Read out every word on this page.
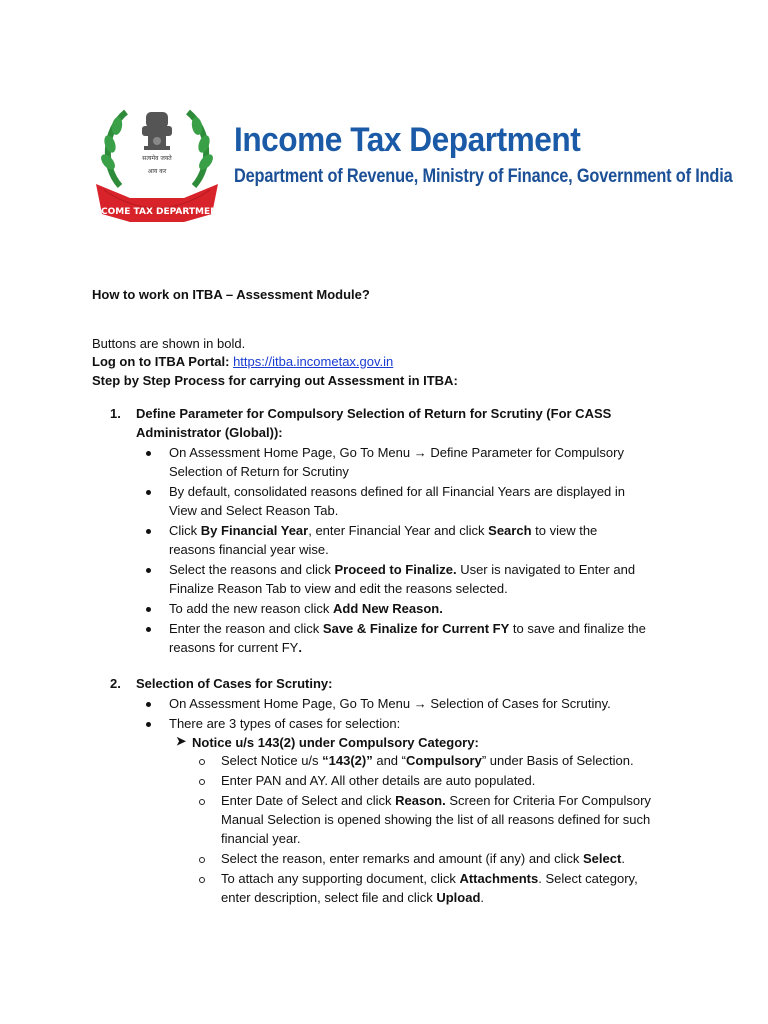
सत्यमेव जयते
आय कर
INCOME TAX DEPARTMENT
Income Tax Department
Department of Revenue, Ministry of Finance, Government of India
How to work on ITBA – Assessment Module?
Buttons are shown in bold.
Log on to ITBA Portal: https://itba.incometax.gov.in
Step by Step Process for carrying out Assessment in ITBA:
1. Define Parameter for Compulsory Selection of Return for Scrutiny (For CASS
Administrator (Global)):
On Assessment Home Page, Go To Menu → Define Parameter for Compulsory
Selection of Return for Scrutiny
By default, consolidated reasons defined for all Financial Years are displayed in
View and Select Reason Tab.
Click By Financial Year, enter Financial Year and click Search to view the
reasons financial year wise.
Select the reasons and click Proceed to Finalize. User is navigated to Enter and
Finalize Reason Tab to view and edit the reasons selected.
To add the new reason click Add New Reason.
Enter the reason and click Save & Finalize for Current FY to save and finalize the
reasons for current FY.
2. Selection of Cases for Scrutiny:
On Assessment Home Page, Go To Menu → Selection of Cases for Scrutiny.
There are 3 types of cases for selection:
➤ Notice u/s 143(2) under Compulsory Category:
Select Notice u/s “143(2)” and “Compulsory” under Basis of Selection.
Enter PAN and AY. All other details are auto populated.
Enter Date of Select and click Reason. Screen for Criteria For Compulsory
Manual Selection is opened showing the list of all reasons defined for such
financial year.
Select the reason, enter remarks and amount (if any) and click Select.
To attach any supporting document, click Attachments. Select category,
enter description, select file and click Upload.
